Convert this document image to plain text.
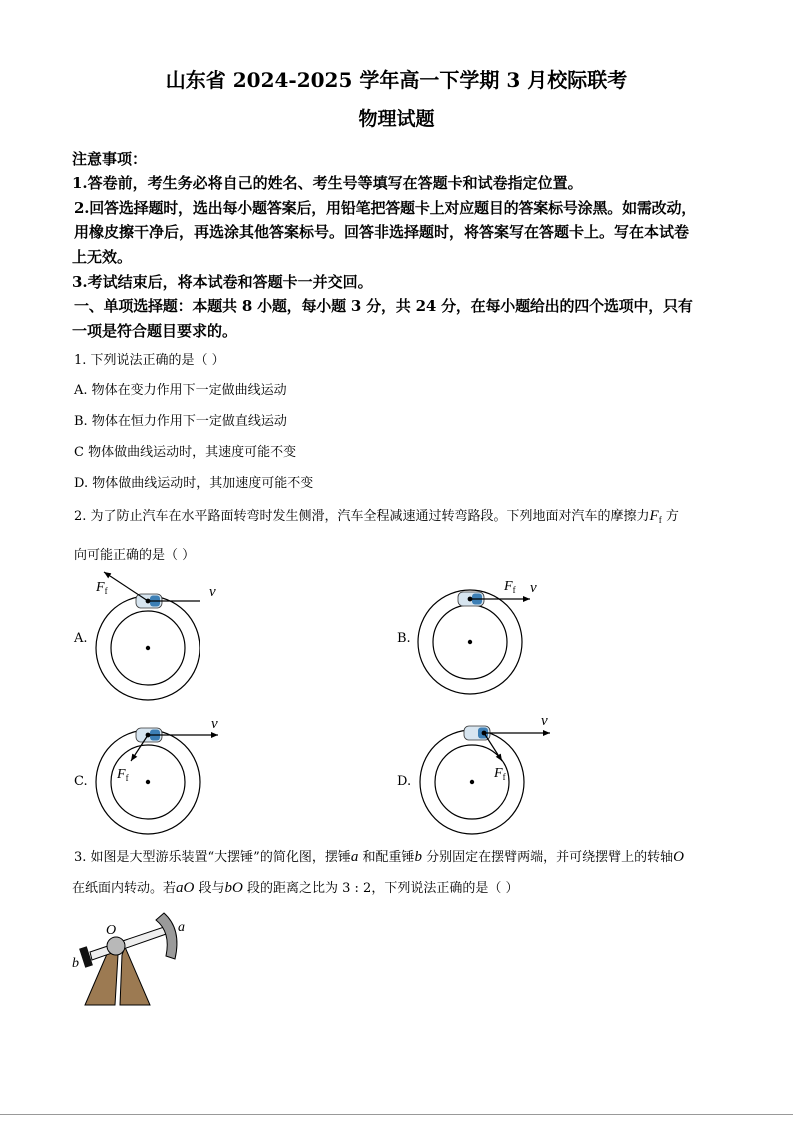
山东省 2024-2025 学年高一下学期 3 月校际联考
物理试题
注意事项：
1.答卷前，考生务必将自己的姓名、考生号等填写在答题卡和试卷指定位置。
2.回答选择题时，选出每小题答案后，用铅笔把答题卡上对应题目的答案标号涂黑。如需改动，
用橡皮擦干净后，再选涂其他答案标号。回答非选择题时，将答案写在答题卡上。写在本试卷
上无效。
3.考试结束后，将本试卷和答题卡一并交回。
一、单项选择题：本题共 8 小题，每小题 3 分，共 24 分，在每小题给出的四个选项中，只有
一项是符合题目要求的。
1. 下列说法正确的是（ ）
A. 物体在变力作用下一定做曲线运动
B. 物体在恒力作用下一定做直线运动
C 物体做曲线运动时，其速度可能不变
D. 物体做曲线运动时，其加速度可能不变
2. 为了防止汽车在水平路面转弯时发生侧滑，汽车全程减速通过转弯路段。下列地面对汽车的摩擦力$F_f$ 方
向可能正确的是（ ）
A.	B.
C.	D.
$F_f$	v	$F_f$ v
$F_f$
v
$F_f$
v
3. 如图是大型游乐装置“大摆锤”的简化图，摆锤a 和配重锤b 分别固定在摆臂两端，并可绕摆臂上的转轴O
在纸面内转动。若aO 段与bO 段的距离之比为 3 : 2，下列说法正确的是（ ）
O	a
b
